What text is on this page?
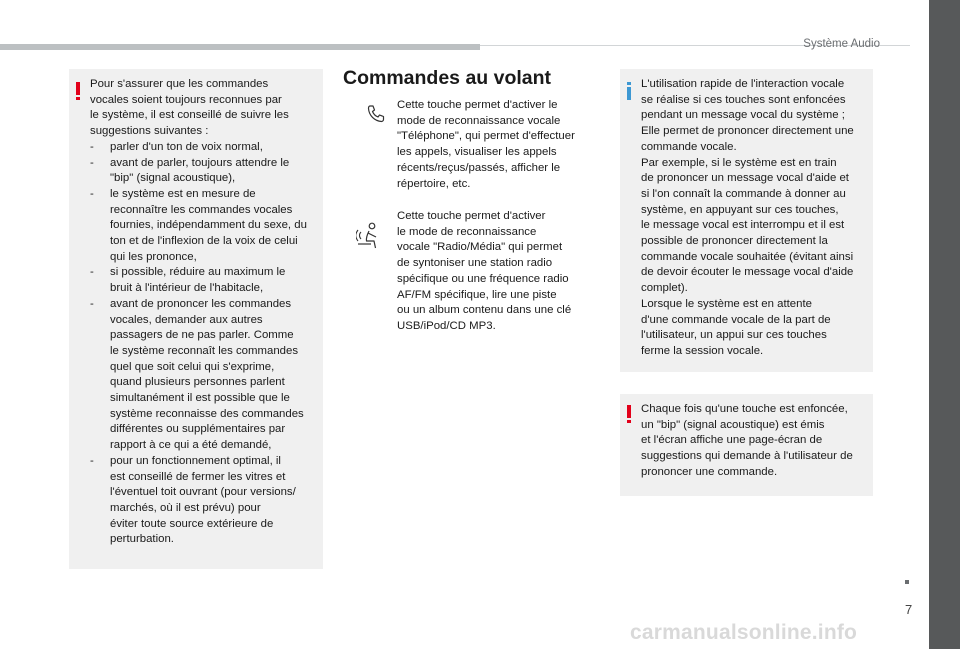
Système Audio

Pour s'assurer que les commandes

vocales soient toujours reconnues par

le système, il est conseillé de suivre les

suggestions suivantes :

- parler d'un ton de voix normal,

- avant de parler, toujours attendre le

"bip" (signal acoustique),

- le système est en mesure de

reconnaître les commandes vocales

fournies, indépendamment du sexe, du

ton et de l'inflexion de la voix de celui

qui les prononce,

- si possible, réduire au maximum le

bruit à l'intérieur de l'habitacle,

- avant de prononcer les commandes

vocales, demander aux autres

passagers de ne pas parler. Comme

le système reconnaît les commandes

quel que soit celui qui s'exprime,

quand plusieurs personnes parlent

simultanément il est possible que le

système reconnaisse des commandes

différentes ou supplémentaires par

rapport à ce qui a été demandé,

- pour un fonctionnement optimal, il

est conseillé de fermer les vitres et

l'éventuel toit ouvrant (pour versions/

marchés, où il est prévu) pour

éviter toute source extérieure de

perturbation.

Commandes au volant

Cette touche permet d'activer le

mode de reconnaissance vocale

"Téléphone", qui permet d'effectuer

les appels, visualiser les appels

récents/reçus/passés, afficher le

répertoire, etc.

Cette touche permet d'activer

le mode de reconnaissance

vocale "Radio/Média" qui permet

de syntoniser une station radio

spécifique ou une fréquence radio

AF/FM spécifique, lire une piste

ou un album contenu dans une clé

USB/iPod/CD MP3.

L'utilisation rapide de l'interaction vocale

se réalise si ces touches sont enfoncées

pendant un message vocal du système ;

Elle permet de prononcer directement une

commande vocale.

Par exemple, si le système est en train

de prononcer un message vocal d'aide et

si l'on connaît la commande à donner au

système, en appuyant sur ces touches,

le message vocal est interrompu et il est

possible de prononcer directement la

commande vocale souhaitée (évitant ainsi

de devoir écouter le message vocal d'aide

complet).

Lorsque le système est en attente

d'une commande vocale de la part de

l'utilisateur, un appui sur ces touches

ferme la session vocale.

Chaque fois qu'une touche est enfoncée,

un "bip" (signal acoustique) est émis

et l'écran affiche une page-écran de

suggestions qui demande à l'utilisateur de

prononcer une commande.

7
carmanualsonline.info
